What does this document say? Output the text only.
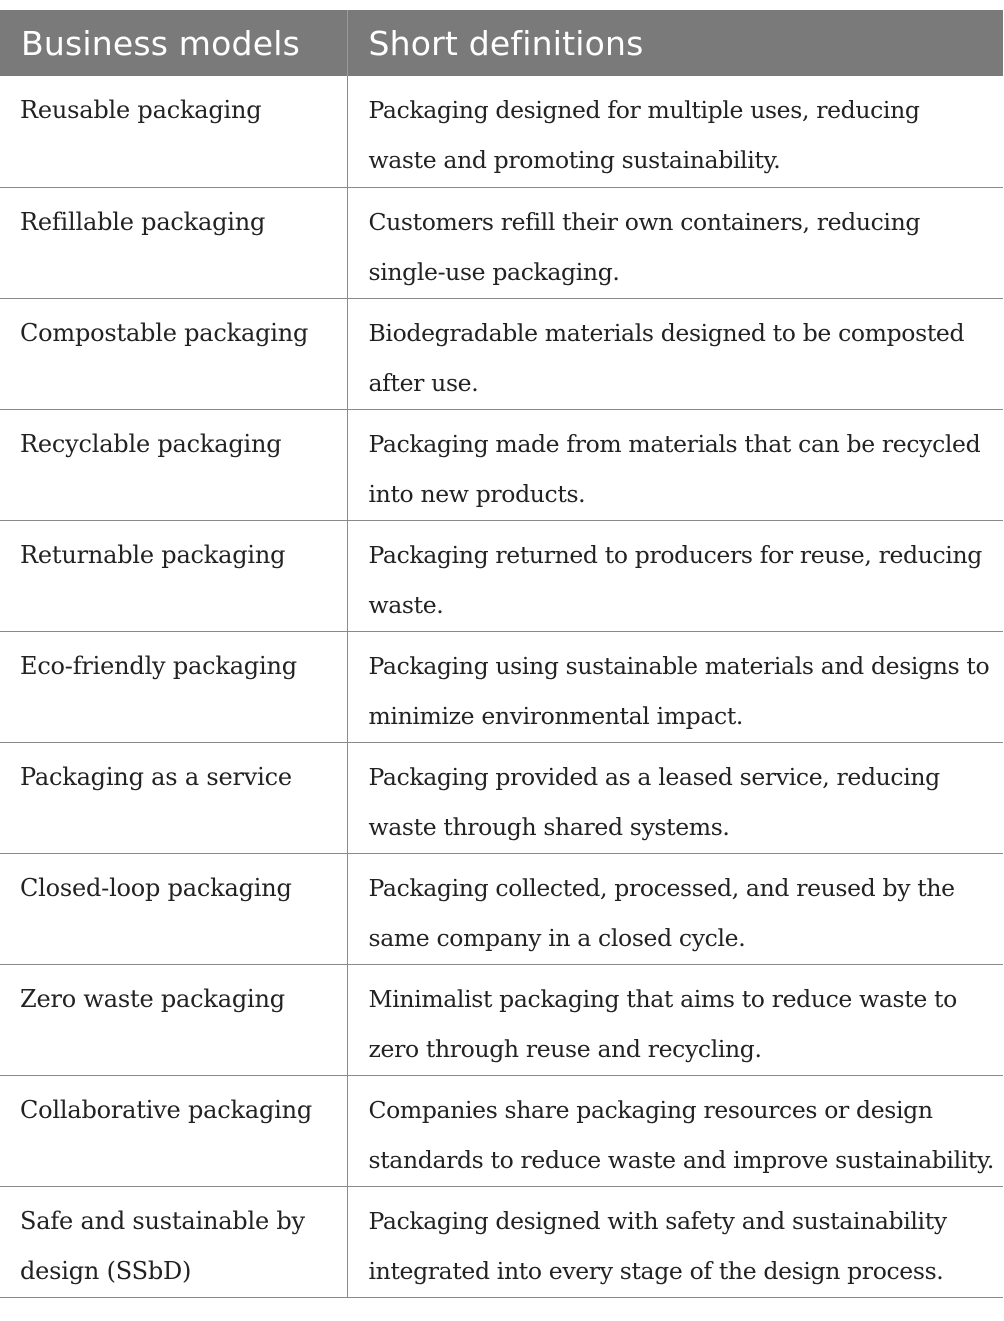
Business models	Short definitions

Reusable packaging	Packaging designed for multiple uses, reducing
waste and promoting sustainability.

Refillable packaging	Customers refill their own containers, reducing
single-use packaging.

Compostable packaging	Biodegradable materials designed to be composted
after use.

Recyclable packaging	Packaging made from materials that can be recycled
into new products.

Returnable packaging	Packaging returned to producers for reuse, reducing
waste.

Eco-friendly packaging	Packaging using sustainable materials and designs to
minimize environmental impact.

Packaging as a service	Packaging provided as a leased service, reducing
waste through shared systems.

Closed-loop packaging	Packaging collected, processed, and reused by the
same company in a closed cycle.

Zero waste packaging	Minimalist packaging that aims to reduce waste to
zero through reuse and recycling.

Collaborative packaging	Companies share packaging resources or design
standards to reduce waste and improve sustainability.

Safe and sustainable by
design (SSbD)	Packaging designed with safety and sustainability
integrated into every stage of the design process.
